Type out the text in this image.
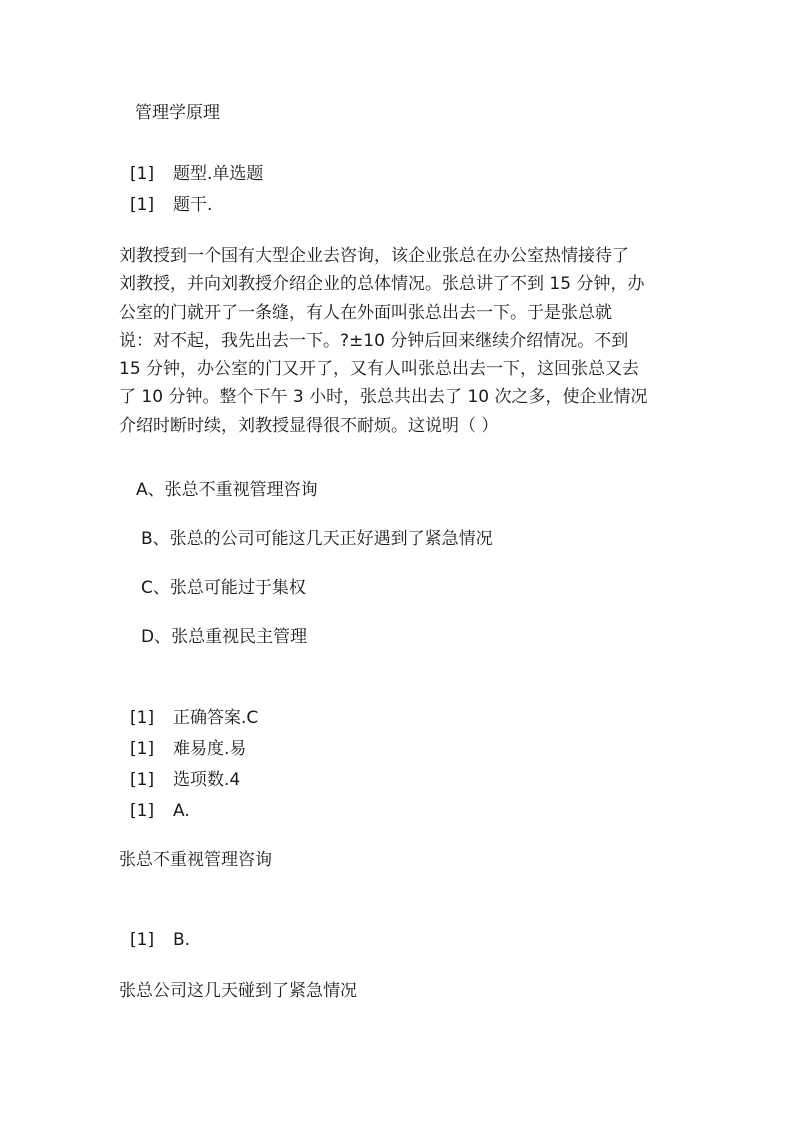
管理学原理
[1] 题型.单选题
[1] 题干.
刘教授到一个国有大型企业去咨询，该企业张总在办公室热情接待了
刘教授，并向刘教授介绍企业的总体情况。张总讲了不到 15 分钟，办
公室的门就开了一条缝，有人在外面叫张总出去一下。于是张总就
说：对不起，我先出去一下。?±10 分钟后回来继续介绍情况。不到
15 分钟，办公室的门又开了，又有人叫张总出去一下，这回张总又去
了 10 分钟。整个下午 3 小时，张总共出去了 10 次之多，使企业情况
介绍时断时续，刘教授显得很不耐烦。这说明（ ）
A、张总不重视管理咨询
B、张总的公司可能这几天正好遇到了紧急情况
C、张总可能过于集权
D、张总重视民主管理
[1] 正确答案.C
[1] 难易度.易
[1] 选项数.4
[1] A.
张总不重视管理咨询
[1] B.
张总公司这几天碰到了紧急情况
